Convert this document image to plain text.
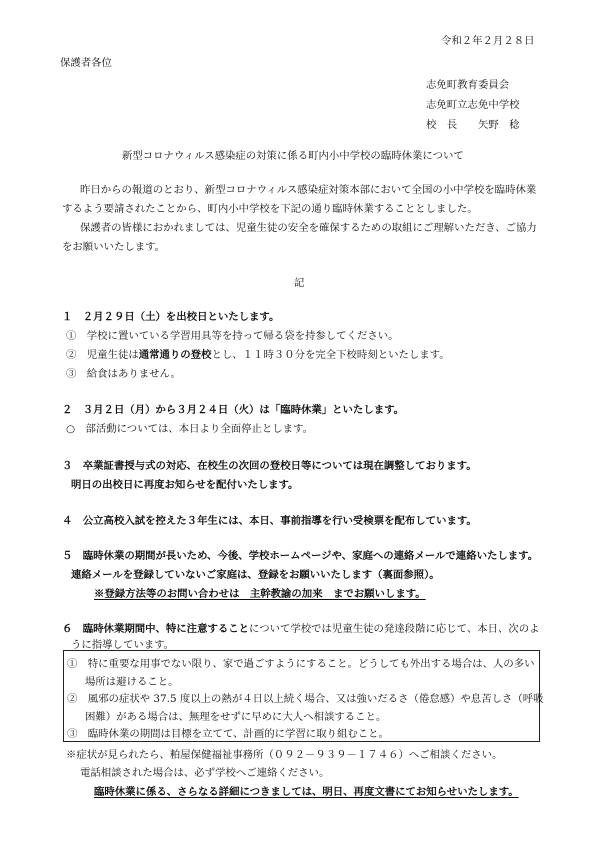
令和２年２月２８日
保護者各位
志免町教育委員会
志免町立志免中学校
校　長　　矢野　稔
新型コロナウィルス感染症の対策に係る町内小中学校の臨時休業について
昨日からの報道のとおり、新型コロナウィルス感染症対策本部において全国の小中学校を臨時休業
するよう要請されたことから、町内小中学校を下記の通り臨時休業することとしました。
保護者の皆様におかれましては、児童生徒の安全を確保するための取組にご理解いただき、ご協力
をお願いいたします。
記
１　２月２９日（土）を出校日といたします。
①　学校に置いている学習用具等を持って帰る袋を持参してください。
②　児童生徒は通常通りの登校とし、１１時３０分を完全下校時刻といたします。
③　給食はありません。
２　３月２日（月）から３月２４日（火）は「臨時休業」といたします。
○　部活動については、本日より全面停止とします。
３　卒業証書授与式の対応、在校生の次回の登校日等については現在調整しております。
明日の出校日に再度お知らせを配付いたします。
４　公立高校入試を控えた３年生には、本日、事前指導を行い受検票を配布しています。
５　臨時休業の期間が長いため、今後、学校ホームページや、家庭への連絡メールで連絡いたします。
連絡メールを登録していないご家庭は、登録をお願いいたします（裏面参照）。
※登録方法等のお問い合わせは　主幹教諭の加来　までお願いします。
６　臨時休業期間中、特に注意することについて学校では児童生徒の発達段階に応じて、本日、次のよ
うに指導しています。
①　特に重要な用事でない限り、家で過ごすようにすること。どうしても外出する場合は、人の多い
場所は避けること。
②　風邪の症状や 37.5 度以上の熱が４日以上続く場合、又は強いだるさ（倦怠感）や息苦しさ（呼吸
困難）がある場合は、無理をせずに早めに大人へ相談すること。
③　臨時休業の期間は目標を立てて、計画的に学習に取り組むこと。
※症状が見られたら、粕屋保健福祉事務所（０９２－９３９－１７４６）へご相談ください。
電話相談された場合は、必ず学校へご連絡ください。
臨時休業に係る、さらなる詳細につきましては、明日、再度文書にてお知らせいたします。
